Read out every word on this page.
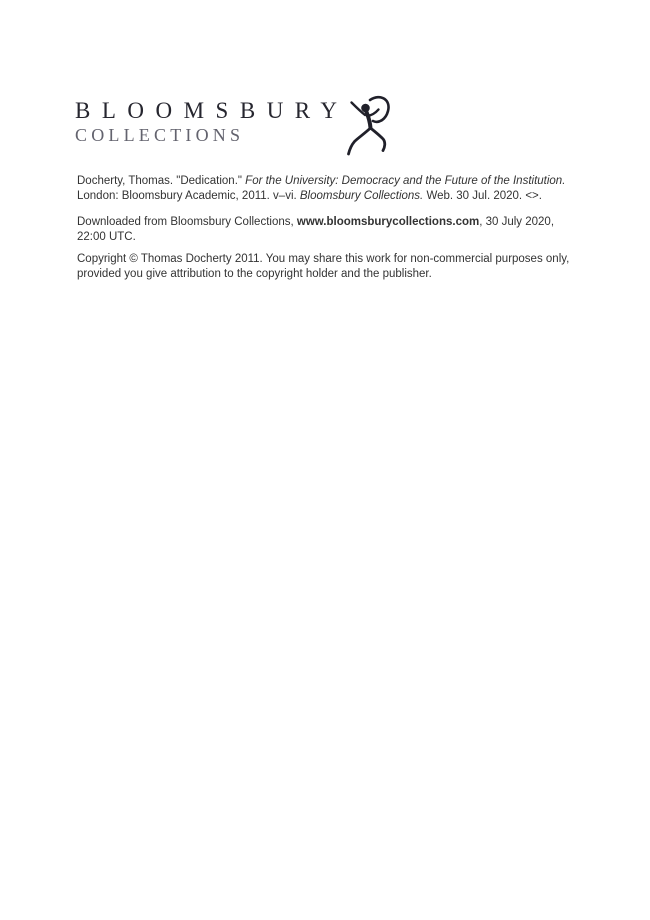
BLOOMSBURY
COLLECTIONS
Docherty, Thomas. "Dedication." For the University: Democracy and the Future of the Institution.
London: Bloomsbury Academic, 2011. v–vi. Bloomsbury Collections. Web. 30 Jul. 2020. <>.
Downloaded from Bloomsbury Collections, www.bloomsburycollections.com, 30 July 2020,
22:00 UTC.
Copyright © Thomas Docherty 2011. You may share this work for non-commercial purposes only,
provided you give attribution to the copyright holder and the publisher.
